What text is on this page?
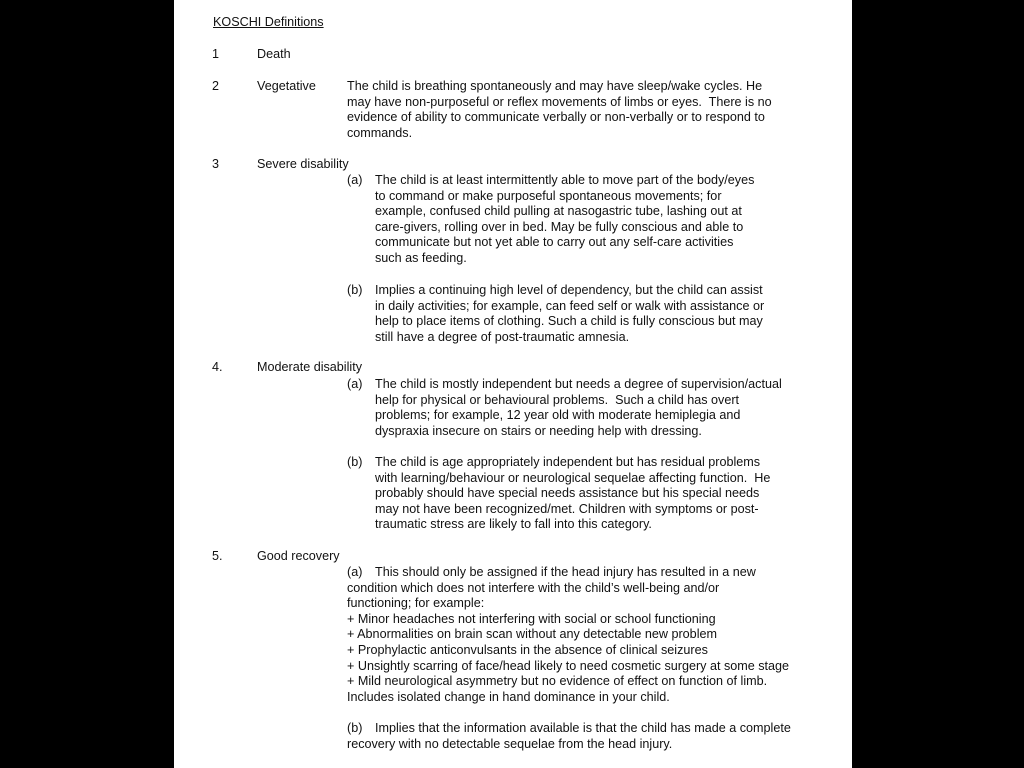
KOSCHI Definitions
1	Death
2	Vegetative The child is breathing spontaneously and may have sleep/wake cycles. He
may have non-purposeful or reflex movements of limbs or eyes.  There is no
evidence of ability to communicate verbally or non-verbally or to respond to
commands.
3	Severe disability
(a) The child is at least intermittently able to move part of the body/eyes
to command or make purposeful spontaneous movements; for
example, confused child pulling at nasogastric tube, lashing out at
care-givers, rolling over in bed. May be fully conscious and able to
communicate but not yet able to carry out any self-care activities
such as feeding.
(b) Implies a continuing high level of dependency, but the child can assist
in daily activities; for example, can feed self or walk with assistance or
help to place items of clothing. Such a child is fully conscious but may
still have a degree of post-traumatic amnesia.
4.	Moderate disability
(a) The child is mostly independent but needs a degree of supervision/actual
help for physical or behavioural problems.  Such a child has overt
problems; for example, 12 year old with moderate hemiplegia and
dyspraxia insecure on stairs or needing help with dressing.
(b) The child is age appropriately independent but has residual problems
with learning/behaviour or neurological sequelae affecting function.  He
probably should have special needs assistance but his special needs
may not have been recognized/met. Children with symptoms or post-
traumatic stress are likely to fall into this category.
5.	Good recovery
(a) This should only be assigned if the head injury has resulted in a new
condition which does not interfere with the child’s well-being and/or
functioning; for example:
+ Minor headaches not interfering with social or school functioning
+ Abnormalities on brain scan without any detectable new problem
+ Prophylactic anticonvulsants in the absence of clinical seizures
+ Unsightly scarring of face/head likely to need cosmetic surgery at some stage
+ Mild neurological asymmetry but no evidence of effect on function of limb.
Includes isolated change in hand dominance in your child.
(b) Implies that the information available is that the child has made a complete
recovery with no detectable sequelae from the head injury.
